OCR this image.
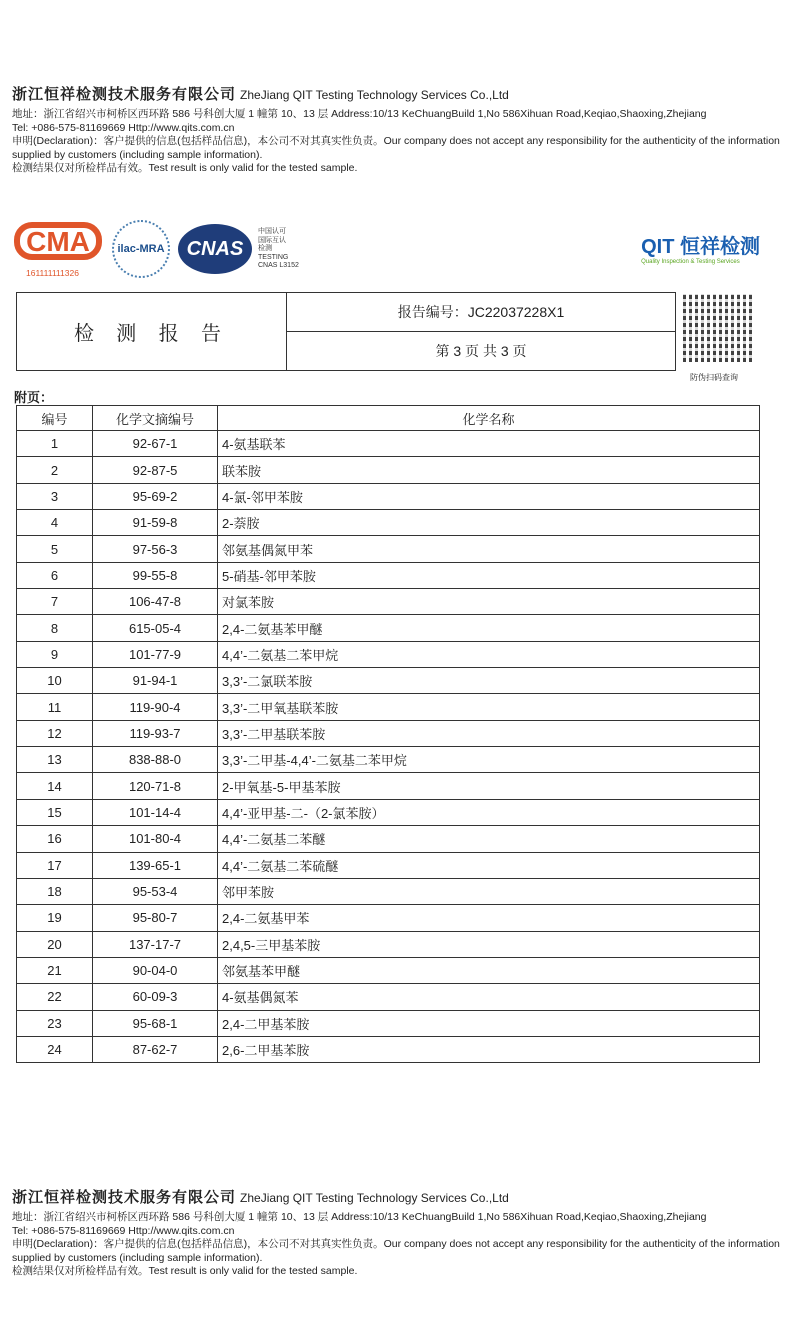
浙江恒祥检测技术服务有限公司 ZheJiang QIT Testing Technology Services Co.,Ltd
地址：浙江省绍兴市柯桥区西环路 586 号科创大厦 1 幢第 10、13 层 Address:10/13 KeChuangBuild 1,No 586Xihuan Road,Keqiao,Shaoxing,Zhejiang
Tel: +086-575-81169669 Http://www.qits.com.cn
申明(Declaration)：客户提供的信息(包括样品信息)，本公司不对其真实性负责。Our company does not accept any responsibility for the authenticity of the information supplied by customers (including sample information).
检测结果仅对所检样品有效。Test result is only valid for the tested sample.
CMA
161111111326
ilac-MRA	CNAS
中国认可
国际互认
检测
TESTING
CNAS L3152
QIT 恒祥检测
Quality Inspection & Testing Services
检 测 报 告
报告编号：JC22037228X1
第 3 页 共 3 页
防伪扫码查询
附页：
编号	化学文摘编号	化学名称
1	92-67-1	4-氨基联苯
2	92-87-5	联苯胺
3	95-69-2	4-氯-邻甲苯胺
4	91-59-8	2-萘胺
5	97-56-3	邻氨基偶氮甲苯
6	99-55-8	5-硝基-邻甲苯胺
7	106-47-8	对氯苯胺
8	615-05-4	2,4-二氨基苯甲醚
9	101-77-9	4,4’-二氨基二苯甲烷
10	91-94-1	3,3’-二氯联苯胺
11	119-90-4	3,3’-二甲氧基联苯胺
12	119-93-7	3,3’-二甲基联苯胺
13	838-88-0	3,3’-二甲基-4,4’-二氨基二苯甲烷
14	120-71-8	2-甲氧基-5-甲基苯胺
15	101-14-4	4,4’-亚甲基-二-（2-氯苯胺）
16	101-80-4	4,4’-二氨基二苯醚
17	139-65-1	4,4’-二氨基二苯硫醚
18	95-53-4	邻甲苯胺
19	95-80-7	2,4-二氨基甲苯
20	137-17-7	2,4,5-三甲基苯胺
21	90-04-0	邻氨基苯甲醚
22	60-09-3	4-氨基偶氮苯
23	95-68-1	2,4-二甲基苯胺
24	87-62-7	2,6-二甲基苯胺
浙江恒祥检测技术服务有限公司 ZheJiang QIT Testing Technology Services Co.,Ltd
地址：浙江省绍兴市柯桥区西环路 586 号科创大厦 1 幢第 10、13 层 Address:10/13 KeChuangBuild 1,No 586Xihuan Road,Keqiao,Shaoxing,Zhejiang
Tel: +086-575-81169669 Http://www.qits.com.cn
申明(Declaration)：客户提供的信息(包括样品信息)，本公司不对其真实性负责。Our company does not accept any responsibility for the authenticity of the information supplied by customers (including sample information).
检测结果仅对所检样品有效。Test result is only valid for the tested sample.
